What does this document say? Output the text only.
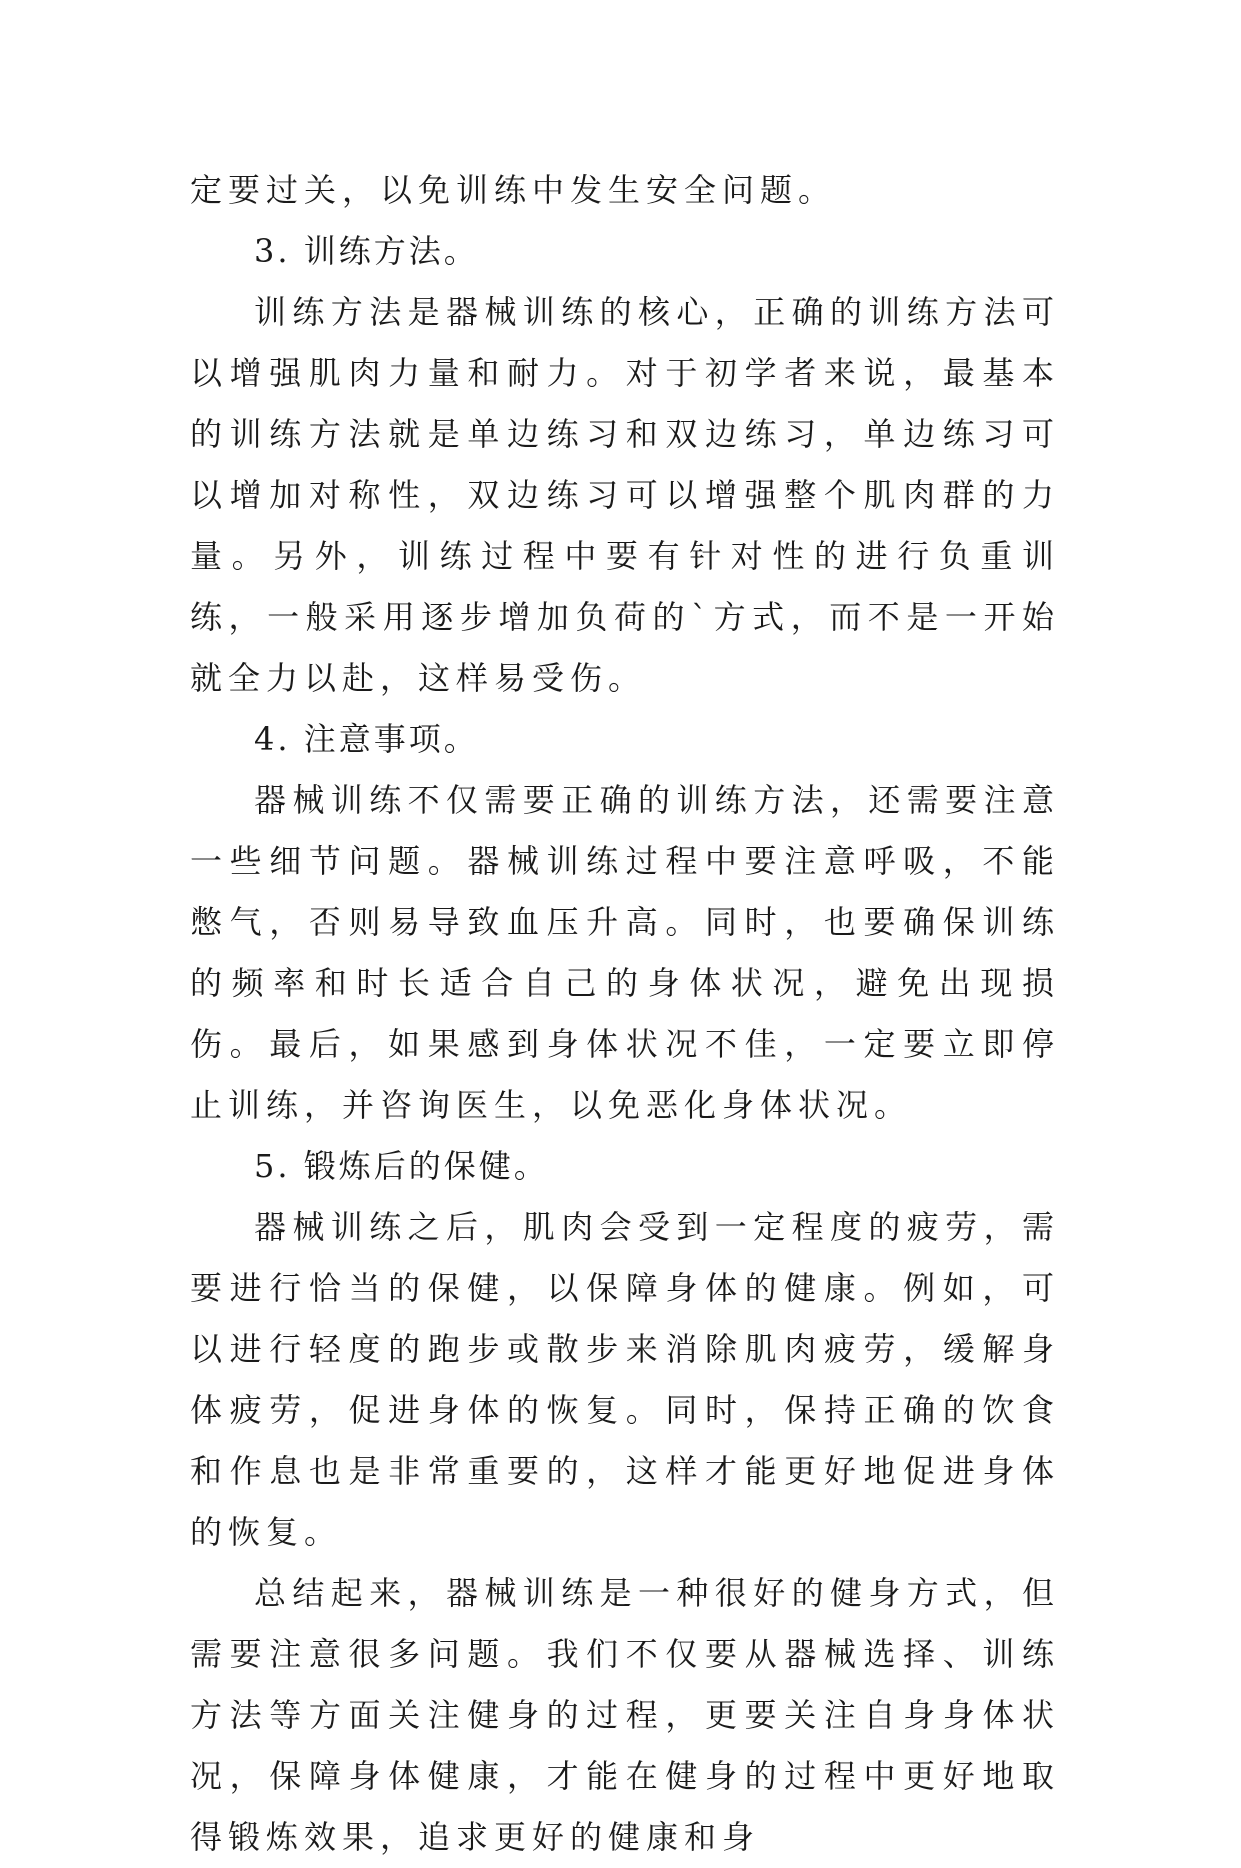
定要过关，以免训练中发生安全问题。

3. 训练方法。

训练方法是器械训练的核心，正确的训练方法可以增强肌肉力量和耐力。对于初学者来说，最基本的训练方法就是单边练习和双边练习，单边练习可以增加对称性，双边练习可以增强整个肌肉群的力量。另外，训练过程中要有针对性的进行负重训练，一般采用逐步增加负荷的`方式，而不是一开始就全力以赴，这样易受伤。

4. 注意事项。

器械训练不仅需要正确的训练方法，还需要注意一些细节问题。器械训练过程中要注意呼吸，不能憋气，否则易导致血压升高。同时，也要确保训练的频率和时长适合自己的身体状况，避免出现损伤。最后，如果感到身体状况不佳，一定要立即停止训练，并咨询医生，以免恶化身体状况。

5. 锻炼后的保健。

器械训练之后，肌肉会受到一定程度的疲劳，需要进行恰当的保健，以保障身体的健康。例如，可以进行轻度的跑步或散步来消除肌肉疲劳，缓解身体疲劳，促进身体的恢复。同时，保持正确的饮食和作息也是非常重要的，这样才能更好地促进身体的恢复。

总结起来，器械训练是一种很好的健身方式，但需要注意很多问题。我们不仅要从器械选择、训练方法等方面关注健身的过程，更要关注自身身体状况，保障身体健康，才能在健身的过程中更好地取得锻炼效果，追求更好的健康和身
